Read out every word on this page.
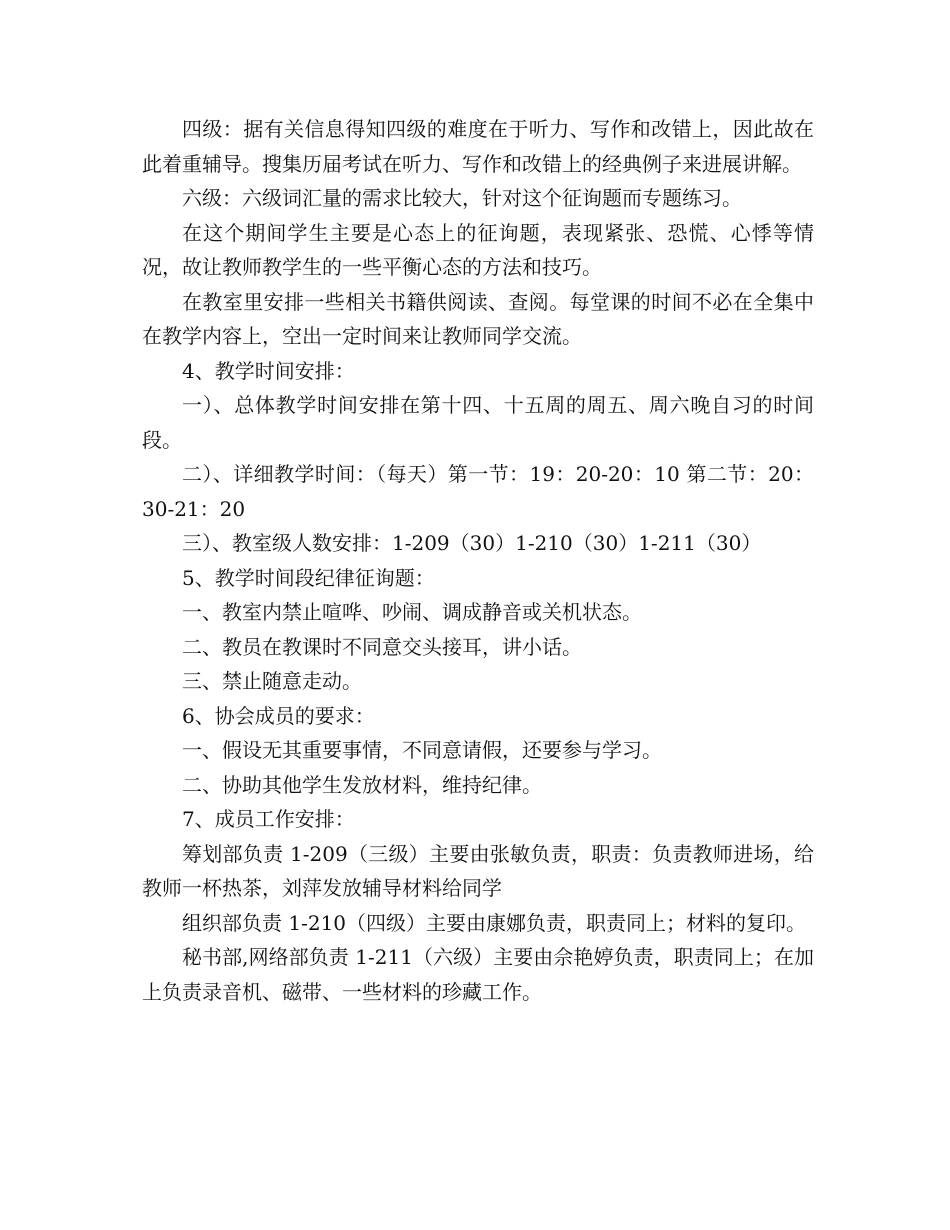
四级：据有关信息得知四级的难度在于听力、写作和改错上，因此故在此着重辅导。搜集历届考试在听力、写作和改错上的经典例子来进展讲解。

六级：六级词汇量的需求比较大，针对这个征询题而专题练习。

在这个期间学生主要是心态上的征询题，表现紧张、恐慌、心悸等情况，故让教师教学生的一些平衡心态的方法和技巧。

在教室里安排一些相关书籍供阅读、查阅。每堂课的时间不必在全集中在教学内容上，空出一定时间来让教师同学交流。

4、教学时间安排：

一）、总体教学时间安排在第十四、十五周的周五、周六晚自习的时间段。

二）、详细教学时间：（每天）第一节：19：20-20：10 第二节：20：30-21：20

三）、教室级人数安排：1-209（30）1-210（30）1-211（30）

5、教学时间段纪律征询题：

一、教室内禁止喧哗、吵闹、调成静音或关机状态。

二、教员在教课时不同意交头接耳，讲小话。

三、禁止随意走动。

6、协会成员的要求：

一、假设无其重要事情，不同意请假，还要参与学习。

二、协助其他学生发放材料，维持纪律。

7、成员工作安排：

筹划部负责 1-209（三级）主要由张敏负责，职责：负责教师进场，给教师一杯热茶，刘萍发放辅导材料给同学

组织部负责 1-210（四级）主要由康娜负责，职责同上；材料的复印。

秘书部,网络部负责 1-211（六级）主要由佘艳婷负责，职责同上；在加上负责录音机、磁带、一些材料的珍藏工作。
